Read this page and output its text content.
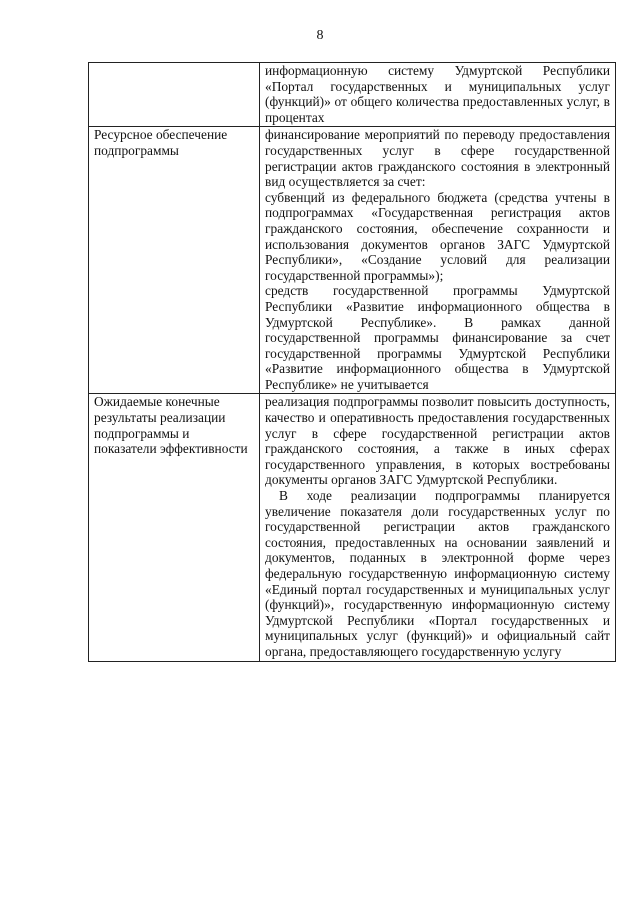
8

	информационную систему Удмуртской Республики «Портал государственных и муниципальных услуг (функций)» от общего количества предоставленных услуг, в процентах

Ресурсное обеспечение подпрограммы	финансирование мероприятий по переводу предоставления государственных услуг в сфере государственной регистрации актов гражданского состояния в электронный вид осуществляется за счет:
субвенций из федерального бюджета (средства учтены в подпрограммах «Государственная регистрация актов гражданского состояния, обеспечение сохранности и использования документов органов ЗАГС Удмуртской Республики», «Создание условий для реализации государственной программы»);
средств государственной программы Удмуртской Республики «Развитие информационного общества в Удмуртской Республике». В рамках данной государственной программы финансирование за счет государственной программы Удмуртской Республики «Развитие информационного общества в Удмуртской Республике» не учитывается

Ожидаемые конечные результаты реализации подпрограммы и показатели эффективности	реализация подпрограммы позволит повысить доступность, качество и оперативность предоставления государственных услуг в сфере государственной регистрации актов гражданского состояния, а также в иных сферах государственного управления, в которых востребованы документы органов ЗАГС Удмуртской Республики.
В ходе реализации подпрограммы планируется увеличение показателя доли государственных услуг по государственной регистрации актов гражданского состояния, предоставленных на основании заявлений и документов, поданных в электронной форме через федеральную государственную информационную систему «Единый портал государственных и муниципальных услуг (функций)», государственную информационную систему Удмуртской Республики «Портал государственных и муниципальных услуг (функций)» и официальный сайт органа, предоставляющего государственную услугу
